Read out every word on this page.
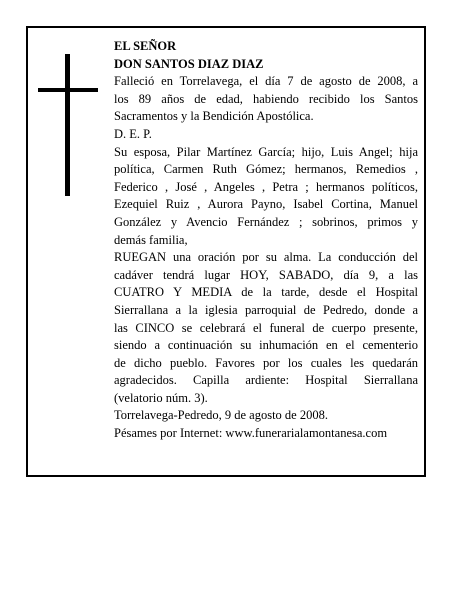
EL SEÑOR
DON SANTOS DIAZ DIAZ
Falleció en Torrelavega, el día 7 de agosto de 2008, a
los 89 años de edad, habiendo recibido los Santos
Sacramentos y la Bendición Apostólica.
D. E. P.
Su esposa, Pilar Martínez García; hijo, Luis Angel; hija
política, Carmen Ruth Gómez; hermanos, Remedios ,
Federico , José , Angeles , Petra ; hermanos políticos,
Ezequiel Ruiz , Aurora Payno, Isabel Cortina, Manuel
González y Avencio Fernández ; sobrinos, primos y
demás familia,
RUEGAN una oración por su alma. La conducción del
cadáver tendrá lugar HOY, SABADO, día 9, a las
CUATRO Y MEDIA de la tarde, desde el Hospital
Sierrallana a la iglesia parroquial de Pedredo, donde a
las CINCO se celebrará el funeral de cuerpo presente,
siendo a continuación su inhumación en el cementerio
de dicho pueblo. Favores por los cuales les quedarán
agradecidos. Capilla ardiente: Hospital Sierrallana
(velatorio núm. 3).
Torrelavega-Pedredo, 9 de agosto de 2008.
Pésames por Internet: www.funerarialamontanesa.com
